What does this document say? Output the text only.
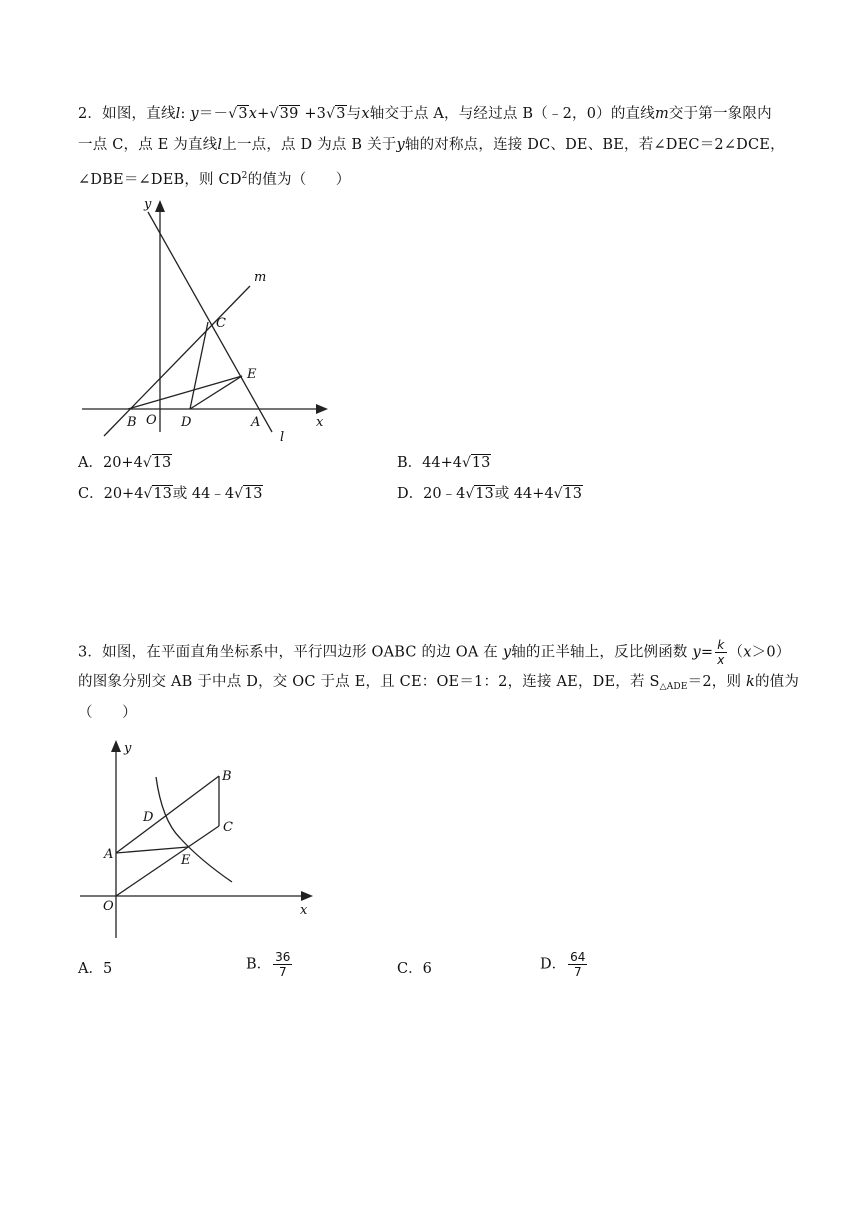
2．如图，直线l: y＝－√3x+√39 +3√3与x轴交于点 A，与经过点 B（﹣2，0）的直线m交于第一象限内
一点 C，点 E 为直线l上一点，点 D 为点 B 关于y轴的对称点，连接 DC、DE、BE，若∠DEC＝2∠DCE，
∠DBE＝∠DEB，则 $CD^2$的值为（　　）
y
m
C
E
B O D	A	x
l
A．20+4√13	B．44+4√13
C．20+4√13或 44﹣4√13	D．20﹣4√13或 44+4√13
3．如图，在平面直角坐标系中，平行四边形 OABC 的边 OA 在 y轴的正半轴上，反比例函数 $y= \frac{k}{x} (x>0)$
的图象分别交 AB 于中点 D，交 OC 于点 E，且 CE：OE＝1：2，连接 AE，DE，若 $S_{\triangle ADE}=2$，则 k的值为
（　　）
y
B
D
C
A	E
O	x
A．5	B． $\frac{36}{7}$	C．6	D． $\frac{64}{7}$
